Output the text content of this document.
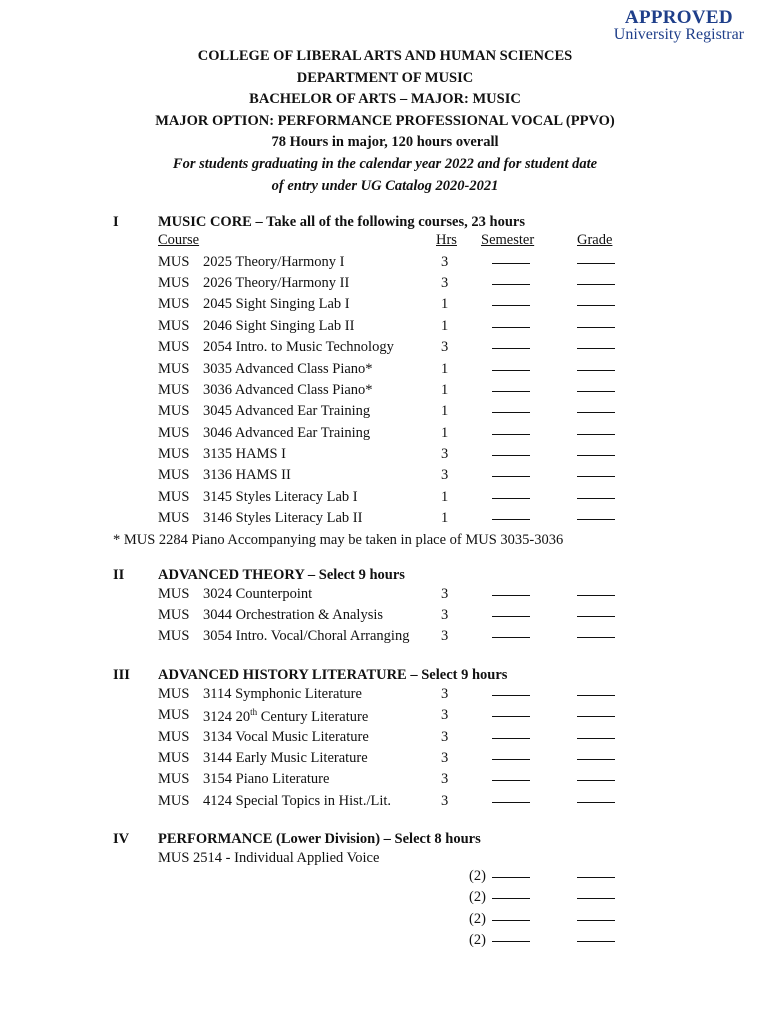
APPROVED
University Registrar
COLLEGE OF LIBERAL ARTS AND HUMAN SCIENCES
DEPARTMENT OF MUSIC
BACHELOR OF ARTS – MAJOR: MUSIC
MAJOR OPTION: PERFORMANCE PROFESSIONAL VOCAL (PPVO)
78 Hours in major, 120 hours overall
For students graduating in the calendar year 2022 and for student date
of entry under UG Catalog 2020-2021
I	MUSIC CORE – Take all of the following courses, 23 hours
Course	Hrs Semester	Grade
MUS 2025 Theory/Harmony I	3
MUS 2026 Theory/Harmony II	3
MUS 2045 Sight Singing Lab I	1
MUS 2046 Sight Singing Lab II	1
MUS 2054 Intro. to Music Technology	3
MUS 3035 Advanced Class Piano*	1
MUS 3036 Advanced Class Piano*	1
MUS 3045 Advanced Ear Training	1
MUS 3046 Advanced Ear Training	1
MUS 3135 HAMS I	3
MUS 3136 HAMS II	3
MUS 3145 Styles Literacy Lab I	1
MUS 3146 Styles Literacy Lab II	1
* MUS 2284 Piano Accompanying may be taken in place of MUS 3035-3036
II ADVANCED THEORY – Select 9 hours
MUS 3024 Counterpoint	3
MUS 3044 Orchestration & Analysis	3
MUS 3054 Intro. Vocal/Choral Arranging 3
III ADVANCED HISTORY LITERATURE – Select 9 hours
MUS 3114 Symphonic Literature	3
MUS 3124 20th Century Literature	3
MUS 3134 Vocal Music Literature	3
MUS 3144 Early Music Literature	3
MUS 3154 Piano Literature	3
MUS 4124 Special Topics in Hist./Lit.	3
IV PERFORMANCE (Lower Division) – Select 8 hours
MUS 2514 - Individual Applied Voice
(2)
(2)
(2)
(2)
